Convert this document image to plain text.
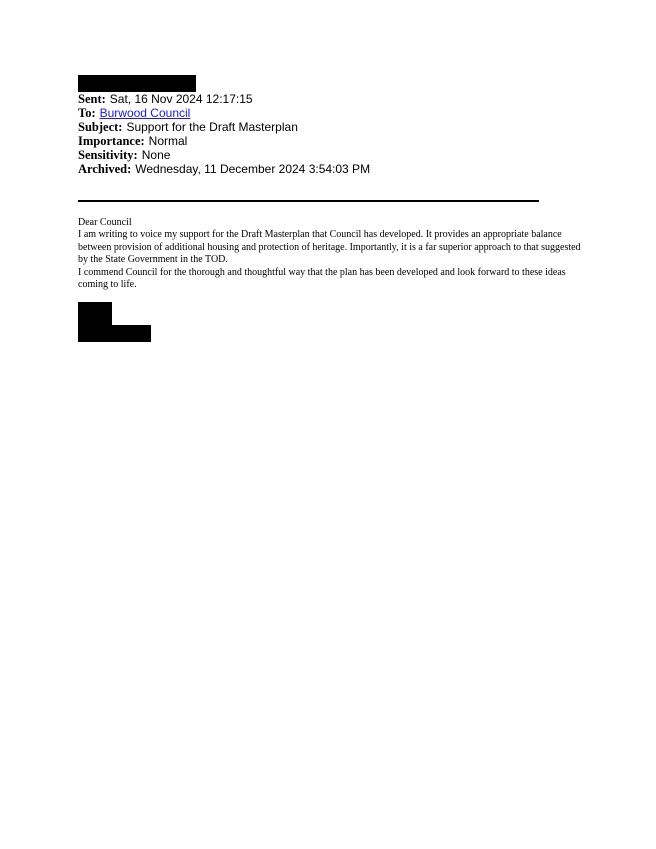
Sent: Sat, 16 Nov 2024 12:17:15
To: Burwood Council
Subject: Support for the Draft Masterplan
Importance: Normal
Sensitivity: None
Archived: Wednesday, 11 December 2024 3:54:03 PM

Dear Council

I am writing to voice my support for the Draft Masterplan that Council has developed. It provides an appropriate balance between provision of additional housing and protection of heritage. Importantly, it is a far superior approach to that suggested by the State Government in the TOD.

I commend Council for the thorough and thoughtful way that the plan has been developed and look forward to these ideas coming to life.
